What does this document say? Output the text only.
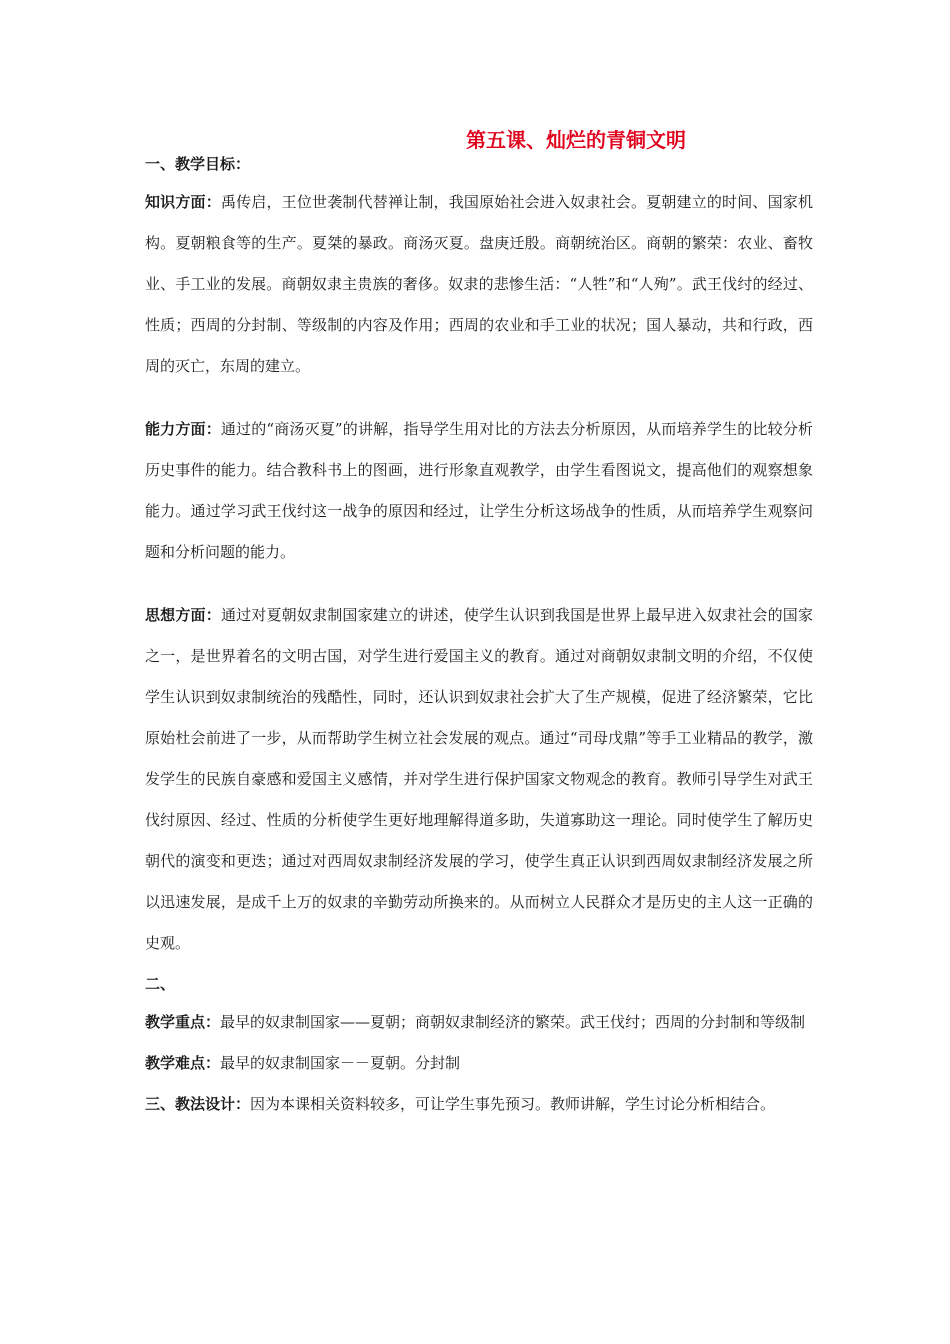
第五课、灿烂的青铜文明

一、教学目标：

知识方面：禹传启，王位世袭制代替禅让制，我国原始社会进入奴隶社会。夏朝建立的时间、国家机构。夏朝粮食等的生产。夏桀的暴政。商汤灭夏。盘庚迁殷。商朝统治区。商朝的繁荣：农业、畜牧业、手工业的发展。商朝奴隶主贵族的奢侈。奴隶的悲惨生活：“人牲”和“人殉”。武王伐纣的经过、性质；西周的分封制、等级制的内容及作用；西周的农业和手工业的状况；国人暴动，共和行政，西周的灭亡，东周的建立。

能力方面：通过的“商汤灭夏”的讲解，指导学生用对比的方法去分析原因，从而培养学生的比较分析历史事件的能力。结合教科书上的图画，进行形象直观教学，由学生看图说文，提高他们的观察想象能力。通过学习武王伐纣这一战争的原因和经过，让学生分析这场战争的性质，从而培养学生观察问题和分析问题的能力。

思想方面：通过对夏朝奴隶制国家建立的讲述，使学生认识到我国是世界上最早进入奴隶社会的国家之一，是世界着名的文明古国，对学生进行爱国主义的教育。通过对商朝奴隶制文明的介绍，不仅使学生认识到奴隶制统治的残酷性，同时，还认识到奴隶社会扩大了生产规模，促进了经济繁荣，它比原始杜会前进了一步，从而帮助学生树立社会发展的观点。通过“司母戊鼎”等手工业精品的教学，激发学生的民族自豪感和爱国主义感情，并对学生进行保护国家文物观念的教育。教师引导学生对武王伐纣原因、经过、性质的分析使学生更好地理解得道多助，失道寡助这一理论。同时使学生了解历史朝代的演变和更迭；通过对西周奴隶制经济发展的学习，使学生真正认识到西周奴隶制经济发展之所以迅速发展，是成千上万的奴隶的辛勤劳动所换来的。从而树立人民群众才是历史的主人这一正确的史观。

二、

教学重点：最早的奴隶制国家——夏朝；商朝奴隶制经济的繁荣。武王伐纣；西周的分封制和等级制

教学难点：最早的奴隶制国家－－夏朝。分封制

三、教法设计：因为本课相关资料较多，可让学生事先预习。教师讲解，学生讨论分析相结合。
